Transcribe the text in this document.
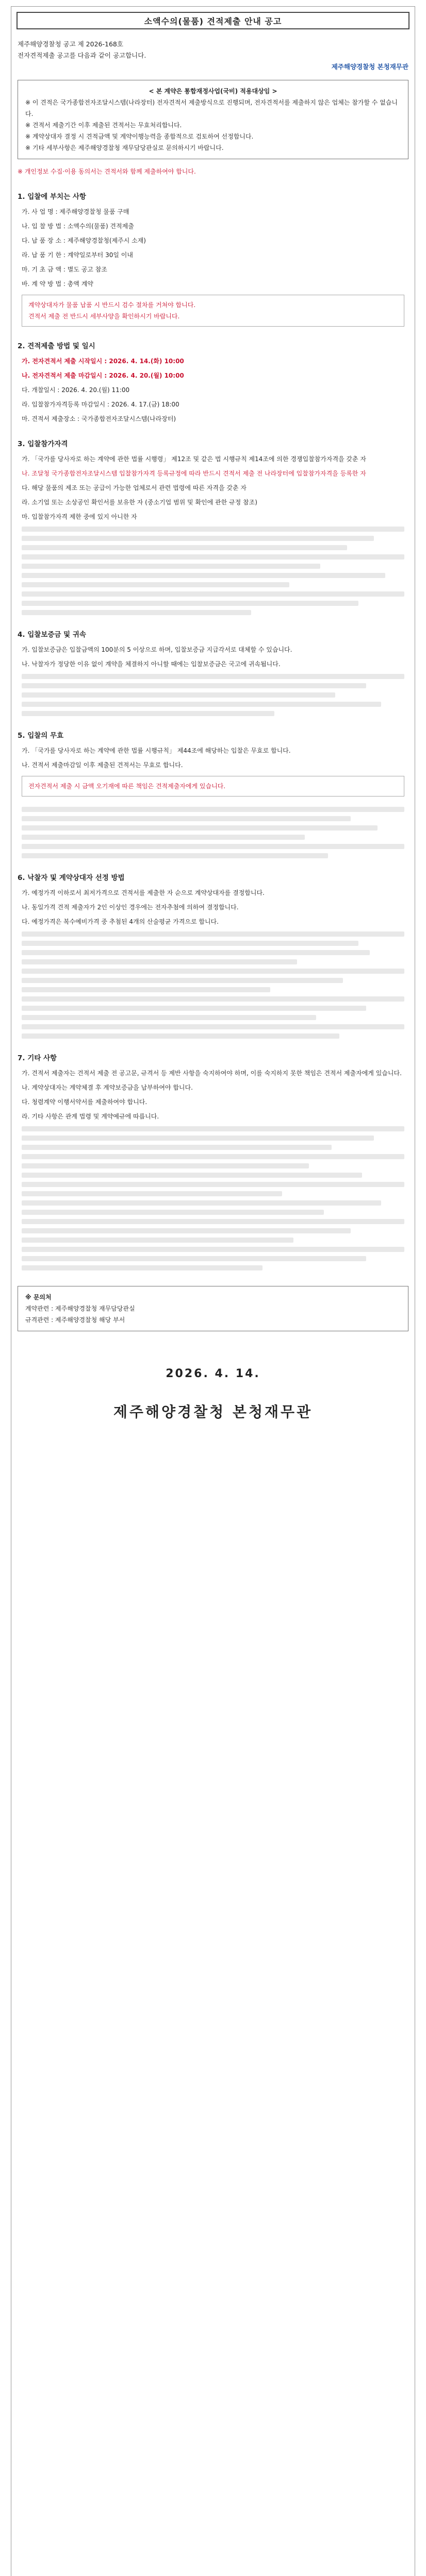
소액수의(물품) 견적제출 안내 공고
제주해양경찰청 공고 제 2026-168호
전자견적제출 공고를 다음과 같이 공고합니다.
제주해양경찰청 본청재무관
< 본 계약은 통합재정사업(국비) 적용대상임 >
※ 이 견적은 국가종합전자조달시스템(나라장터) 전자견적서 제출방식으로 진행되며, 전자견적서를 제출하지 않은 업체는 참가할 수 없습니다.
※ 견적서 제출기간 이후 제출된 견적서는 무효처리합니다.
※ 계약상대자 결정 시 견적금액 및 계약이행능력을 종합적으로 검토하여 선정합니다.
※ 기타 세부사항은 제주해양경찰청 재무담당관실로 문의하시기 바랍니다.
※ 개인정보 수집·이용 동의서는 견적서와 함께 제출하여야 합니다.
1. 입찰에 부치는 사항
가. 사 업 명 : 제주해양경찰청 물품 구매
나. 입 찰 방 법 : 소액수의(물품) 견적제출
다. 납 품 장 소 : 제주해양경찰청(제주시 소재)
라. 납 품 기 한 : 계약일로부터 30일 이내
마. 기 초 금 액 : 별도 공고 참조
바. 계 약 방 법 : 총액 계약
계약상대자가 물품 납품 시 반드시 검수 절차를 거쳐야 합니다.
견적서 제출 전 반드시 세부사양을 확인하시기 바랍니다.
2. 견적제출 방법 및 일시
가. 전자견적서 제출 시작일시 : 2026. 4. 14.(화) 10:00
나. 전자견적서 제출 마감일시 : 2026. 4. 20.(월) 10:00
다. 개찰일시 : 2026. 4. 20.(월) 11:00
라. 입찰참가자격등록 마감일시 : 2026. 4. 17.(금) 18:00
마. 견적서 제출장소 : 국가종합전자조달시스템(나라장터)
3. 입찰참가자격
가. 「국가를 당사자로 하는 계약에 관한 법률 시행령」 제12조 및 같은 법 시행규칙 제14조에 의한 경쟁입찰참가자격을 갖춘 자
나. 조달청 국가종합전자조달시스템 입찰참가자격 등록규정에 따라 반드시 견적서 제출 전 나라장터에 입찰참가자격을 등록한 자
다. 해당 물품의 제조 또는 공급이 가능한 업체로서 관련 법령에 따른 자격을 갖춘 자
라. 소기업 또는 소상공인 확인서를 보유한 자 (중소기업 범위 및 확인에 관한 규정 참조)
마. 입찰참가자격 제한 중에 있지 아니한 자
4. 입찰보증금 및 귀속
가. 입찰보증금은 입찰금액의 100분의 5 이상으로 하며, 입찰보증금 지급각서로 대체할 수 있습니다.
나. 낙찰자가 정당한 이유 없이 계약을 체결하지 아니할 때에는 입찰보증금은 국고에 귀속됩니다.
5. 입찰의 무효
가. 「국가를 당사자로 하는 계약에 관한 법률 시행규칙」 제44조에 해당하는 입찰은 무효로 합니다.
나. 견적서 제출마감일 이후 제출된 견적서는 무효로 합니다.
전자견적서 제출 시 금액 오기재에 따른 책임은 견적제출자에게 있습니다.
6. 낙찰자 및 계약상대자 선정 방법
가. 예정가격 이하로서 최저가격으로 견적서를 제출한 자 순으로 계약상대자를 결정합니다.
나. 동일가격 견적 제출자가 2인 이상인 경우에는 전자추첨에 의하여 결정합니다.
다. 예정가격은 복수예비가격 중 추첨된 4개의 산술평균 가격으로 합니다.
7. 기타 사항
가. 견적서 제출자는 견적서 제출 전 공고문, 규격서 등 제반 사항을 숙지하여야 하며, 이를 숙지하지 못한 책임은 견적서 제출자에게 있습니다.
나. 계약상대자는 계약체결 후 계약보증금을 납부하여야 합니다.
다. 청렴계약 이행서약서를 제출하여야 합니다.
라. 기타 사항은 관계 법령 및 계약예규에 따릅니다.
※ 문의처
계약관련 : 제주해양경찰청 재무담당관실
규격관련 : 제주해양경찰청 해당 부서
2026. 4. 14.
제주해양경찰청 본청재무관
